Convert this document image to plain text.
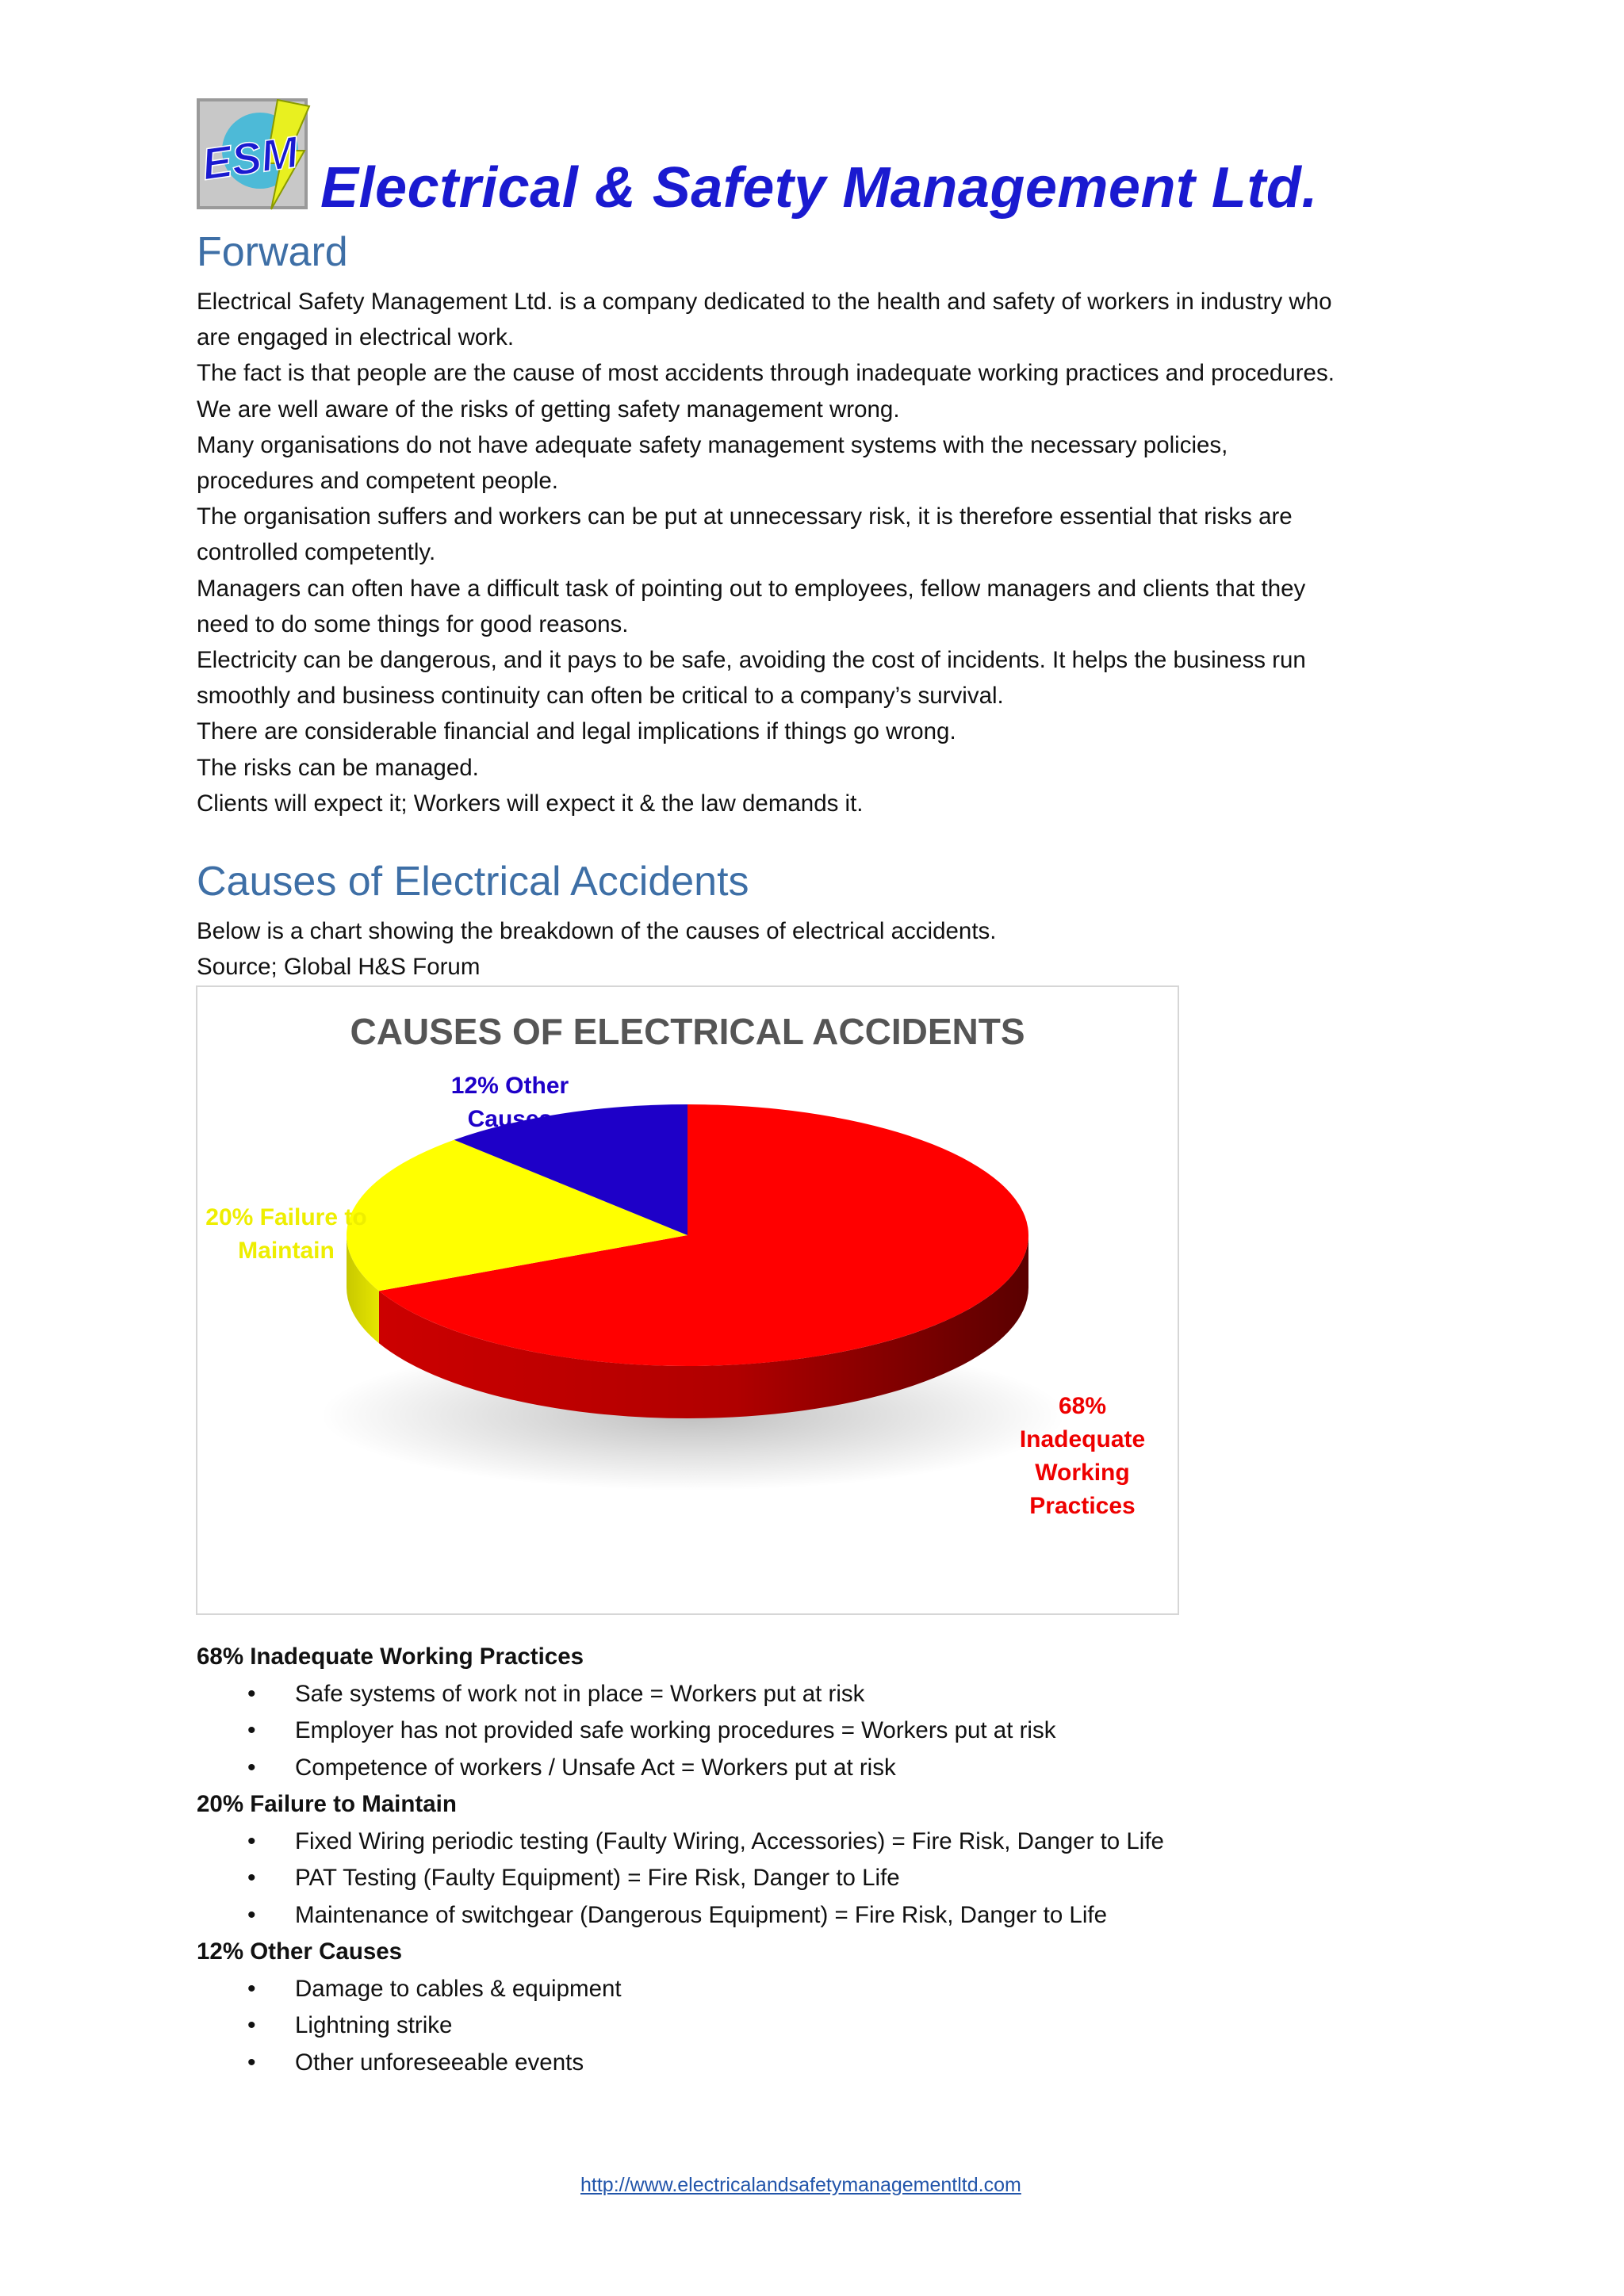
ESM Electrical & Safety Management Ltd.
Forward
Electrical Safety Management Ltd. is a company dedicated to the health and safety of workers in industry who
are engaged in electrical work.
The fact is that people are the cause of most accidents through inadequate working practices and procedures.
We are well aware of the risks of getting safety management wrong.
Many organisations do not have adequate safety management systems with the necessary policies,
procedures and competent people.
The organisation suffers and workers can be put at unnecessary risk, it is therefore essential that risks are
controlled competently.
Managers can often have a difficult task of pointing out to employees, fellow managers and clients that they
need to do some things for good reasons.
Electricity can be dangerous, and it pays to be safe, avoiding the cost of incidents. It helps the business run
smoothly and business continuity can often be critical to a company’s survival.
There are considerable financial and legal implications if things go wrong.
The risks can be managed.
Clients will expect it; Workers will expect it & the law demands it.
Causes of Electrical Accidents
Below is a chart showing the breakdown of the causes of electrical accidents.
Source; Global H&S Forum
CAUSES OF ELECTRICAL ACCIDENTS
12% Other
Causes
20% Failure to
Maintain
68%
Inadequate
Working
Practices
68% Inadequate Working Practices
• Safe systems of work not in place = Workers put at risk
• Employer has not provided safe working procedures = Workers put at risk
• Competence of workers / Unsafe Act = Workers put at risk
20% Failure to Maintain
• Fixed Wiring periodic testing (Faulty Wiring, Accessories) = Fire Risk, Danger to Life
• PAT Testing (Faulty Equipment) = Fire Risk, Danger to Life
• Maintenance of switchgear (Dangerous Equipment) = Fire Risk, Danger to Life
12% Other Causes
• Damage to cables & equipment
• Lightning strike
• Other unforeseeable events
http://www.electricalandsafetymanagementltd.com
